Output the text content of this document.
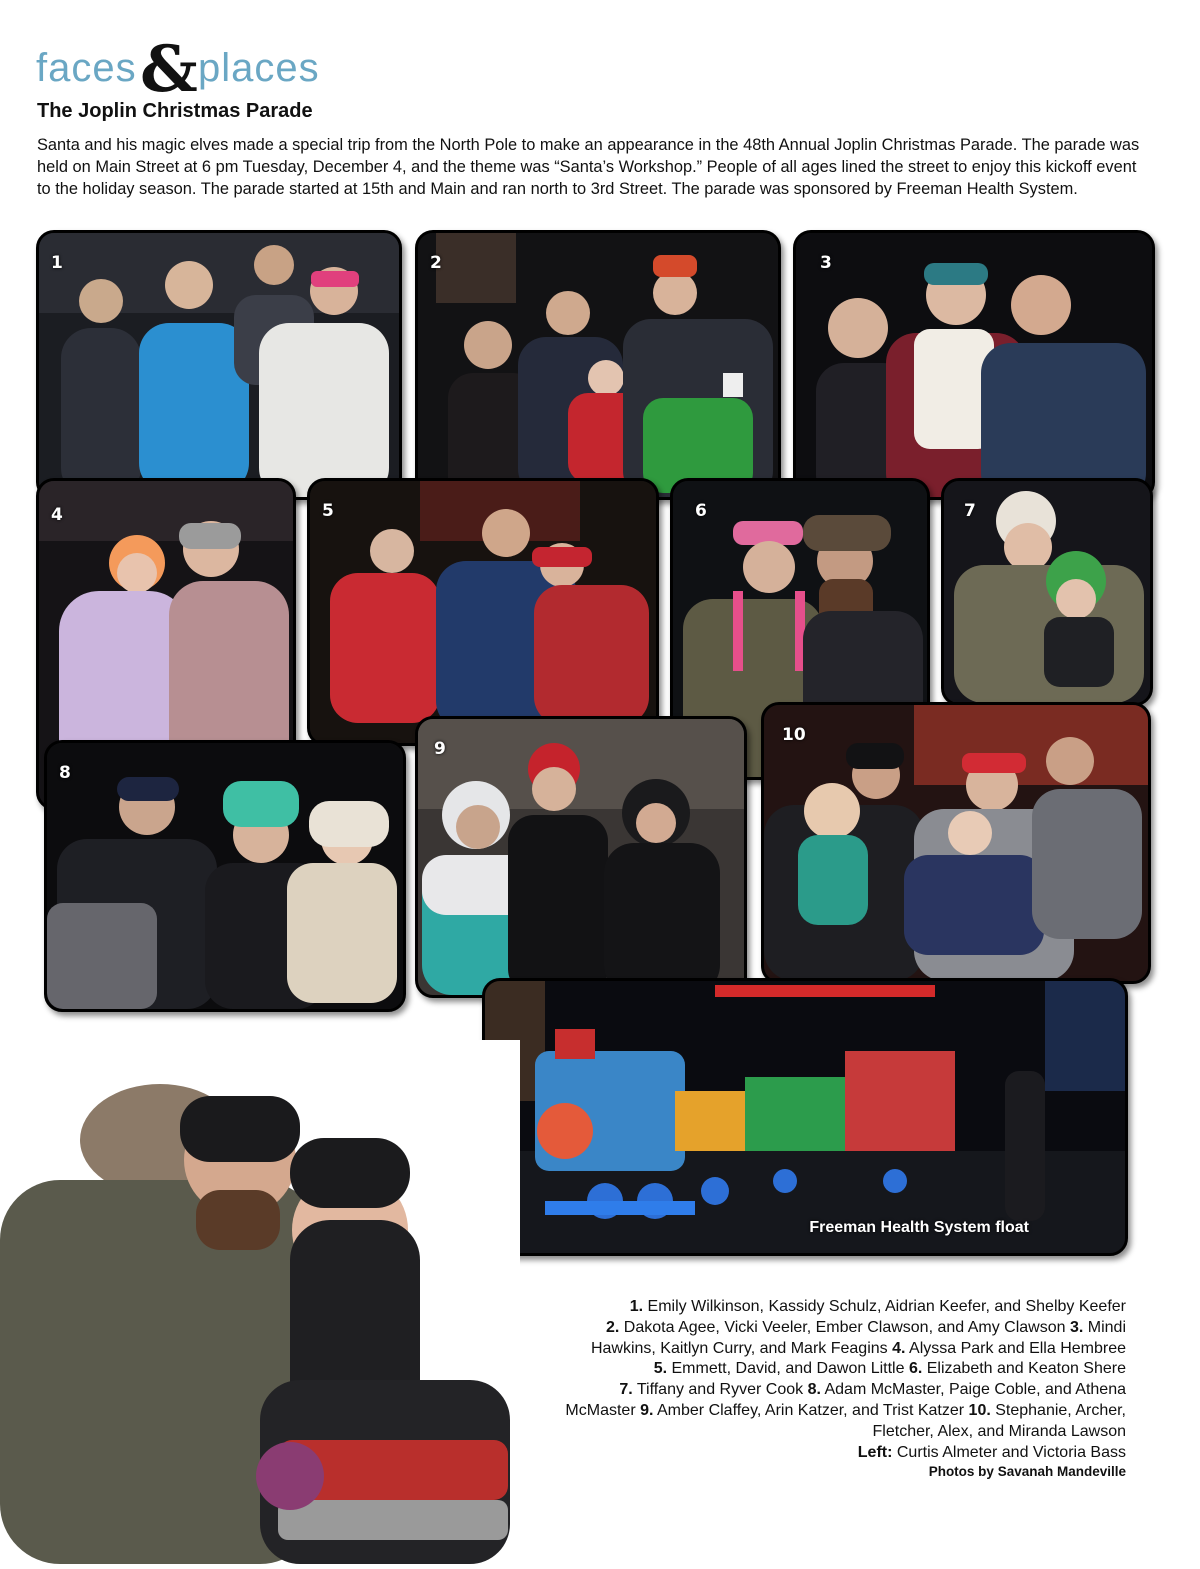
faces & places
The Joplin Christmas Parade

Santa and his magic elves made a special trip from the North Pole to make an appearance in the 48th Annual Joplin Christmas Parade. The parade was held on Main Street at 6 pm Tuesday, December 4, and the theme was “Santa’s Workshop.” People of all ages lined the street to enjoy this kickoff event to the holiday season. The parade started at 15th and Main and ran north to 3rd Street. The parade was sponsored by Freeman Health System.

1	2	3
4	5	6	7
8
9
10
Freeman Health System float

1. Emily Wilkinson, Kassidy Schulz, Aidrian Keefer, and Shelby Keefer
2. Dakota Agee, Vicki Veeler, Ember Clawson, and Amy Clawson 3. Mindi Hawkins, Kaitlyn Curry, and Mark Feagins 4. Alyssa Park and Ella Hembree
5. Emmett, David, and Dawon Little 6. Elizabeth and Keaton Shere
7. Tiffany and Ryver Cook 8. Adam McMaster, Paige Coble, and Athena McMaster 9. Amber Claffey, Arin Katzer, and Trist Katzer 10. Stephanie, Archer, Fletcher, Alex, and Miranda Lawson
Left: Curtis Almeter and Victoria Bass

Photos by Savanah Mandeville
